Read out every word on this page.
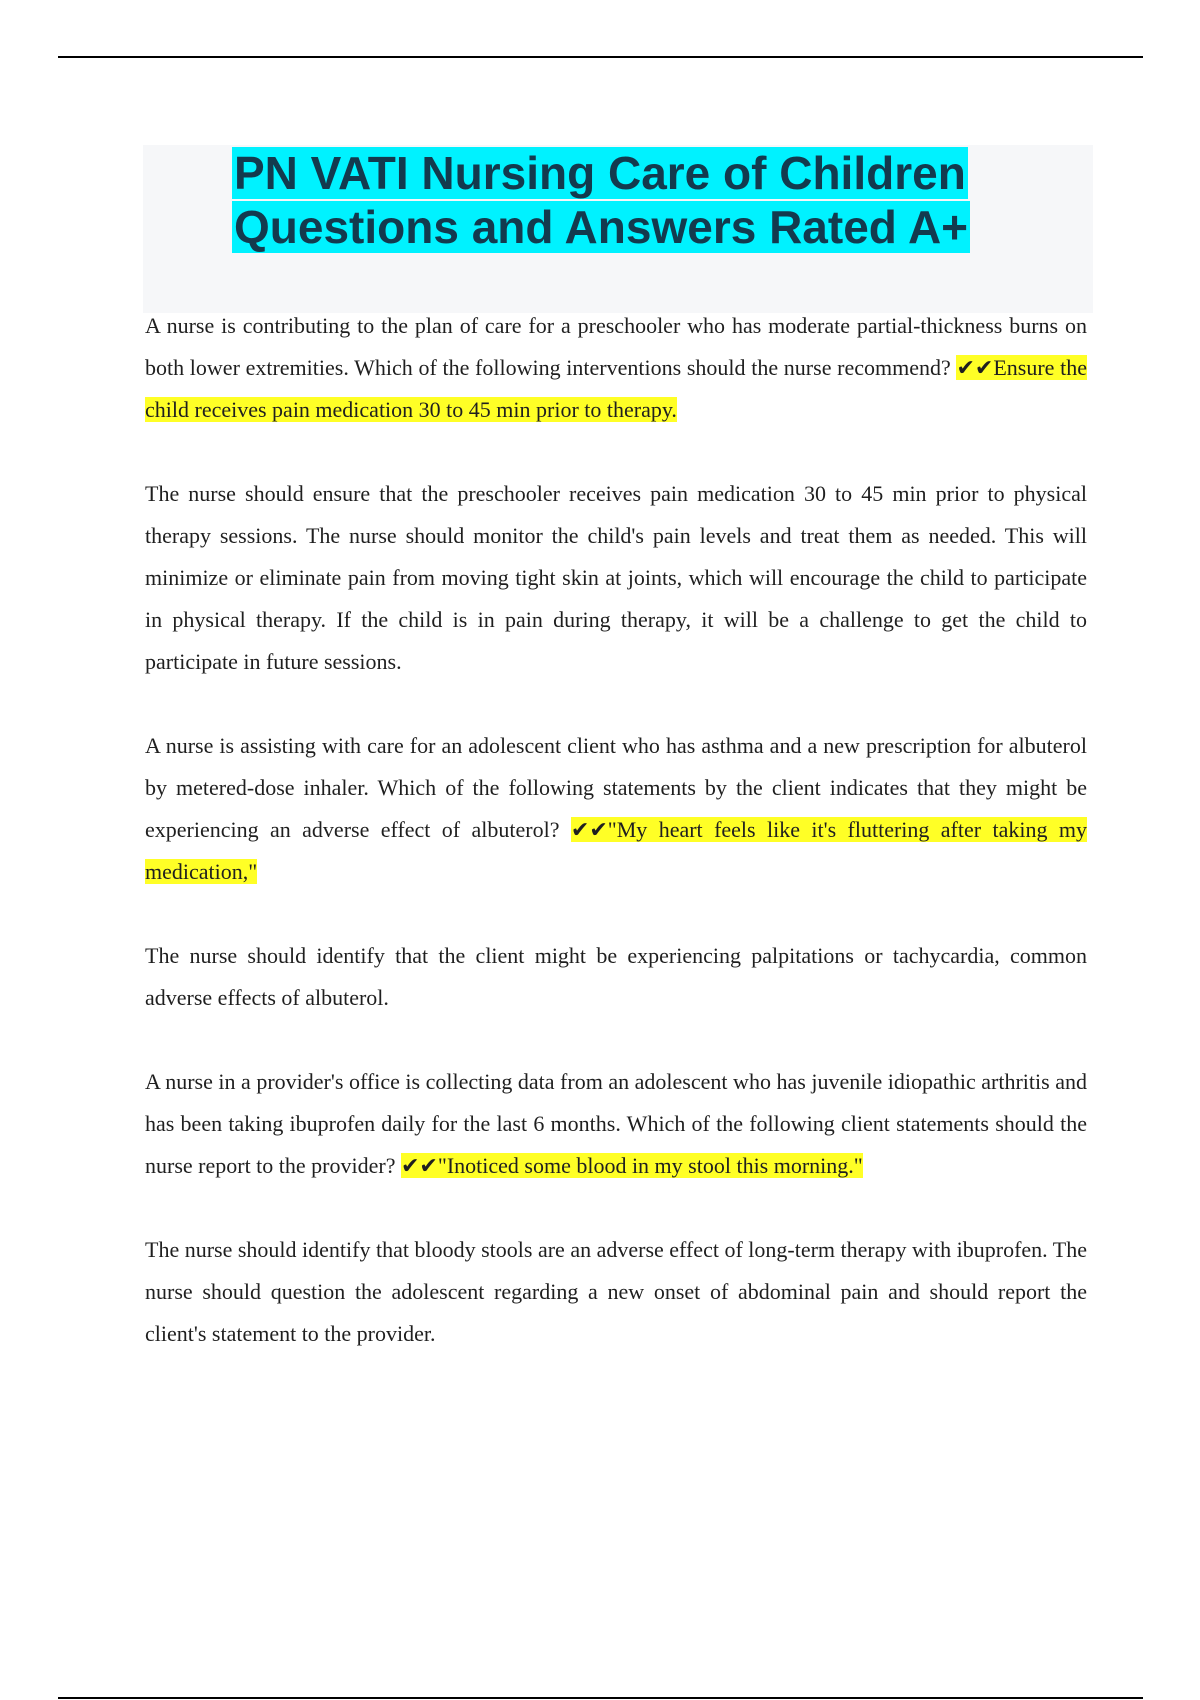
PN VATI Nursing Care of Children
Questions and Answers Rated A+

A nurse is contributing to the plan of care for a preschooler who has moderate partial-thickness burns on both lower extremities. Which of the following interventions should the nurse recommend? ✔✔Ensure the child receives pain medication 30 to 45 min prior to therapy.

The nurse should ensure that the preschooler receives pain medication 30 to 45 min prior to physical therapy sessions. The nurse should monitor the child's pain levels and treat them as needed. This will minimize or eliminate pain from moving tight skin at joints, which will encourage the child to participate in physical therapy. If the child is in pain during therapy, it will be a challenge to get the child to participate in future sessions.

A nurse is assisting with care for an adolescent client who has asthma and a new prescription for albuterol by metered-dose inhaler. Which of the following statements by the client indicates that they might be experiencing an adverse effect of albuterol? ✔✔"My heart feels like it's fluttering after taking my medication,"

The nurse should identify that the client might be experiencing palpitations or tachycardia, common adverse effects of albuterol.

A nurse in a provider's office is collecting data from an adolescent who has juvenile idiopathic arthritis and has been taking ibuprofen daily for the last 6 months. Which of the following client statements should the nurse report to the provider? ✔✔"Inoticed some blood in my stool this morning."

The nurse should identify that bloody stools are an adverse effect of long-term therapy with ibuprofen. The nurse should question the adolescent regarding a new onset of abdominal pain and should report the client's statement to the provider.
